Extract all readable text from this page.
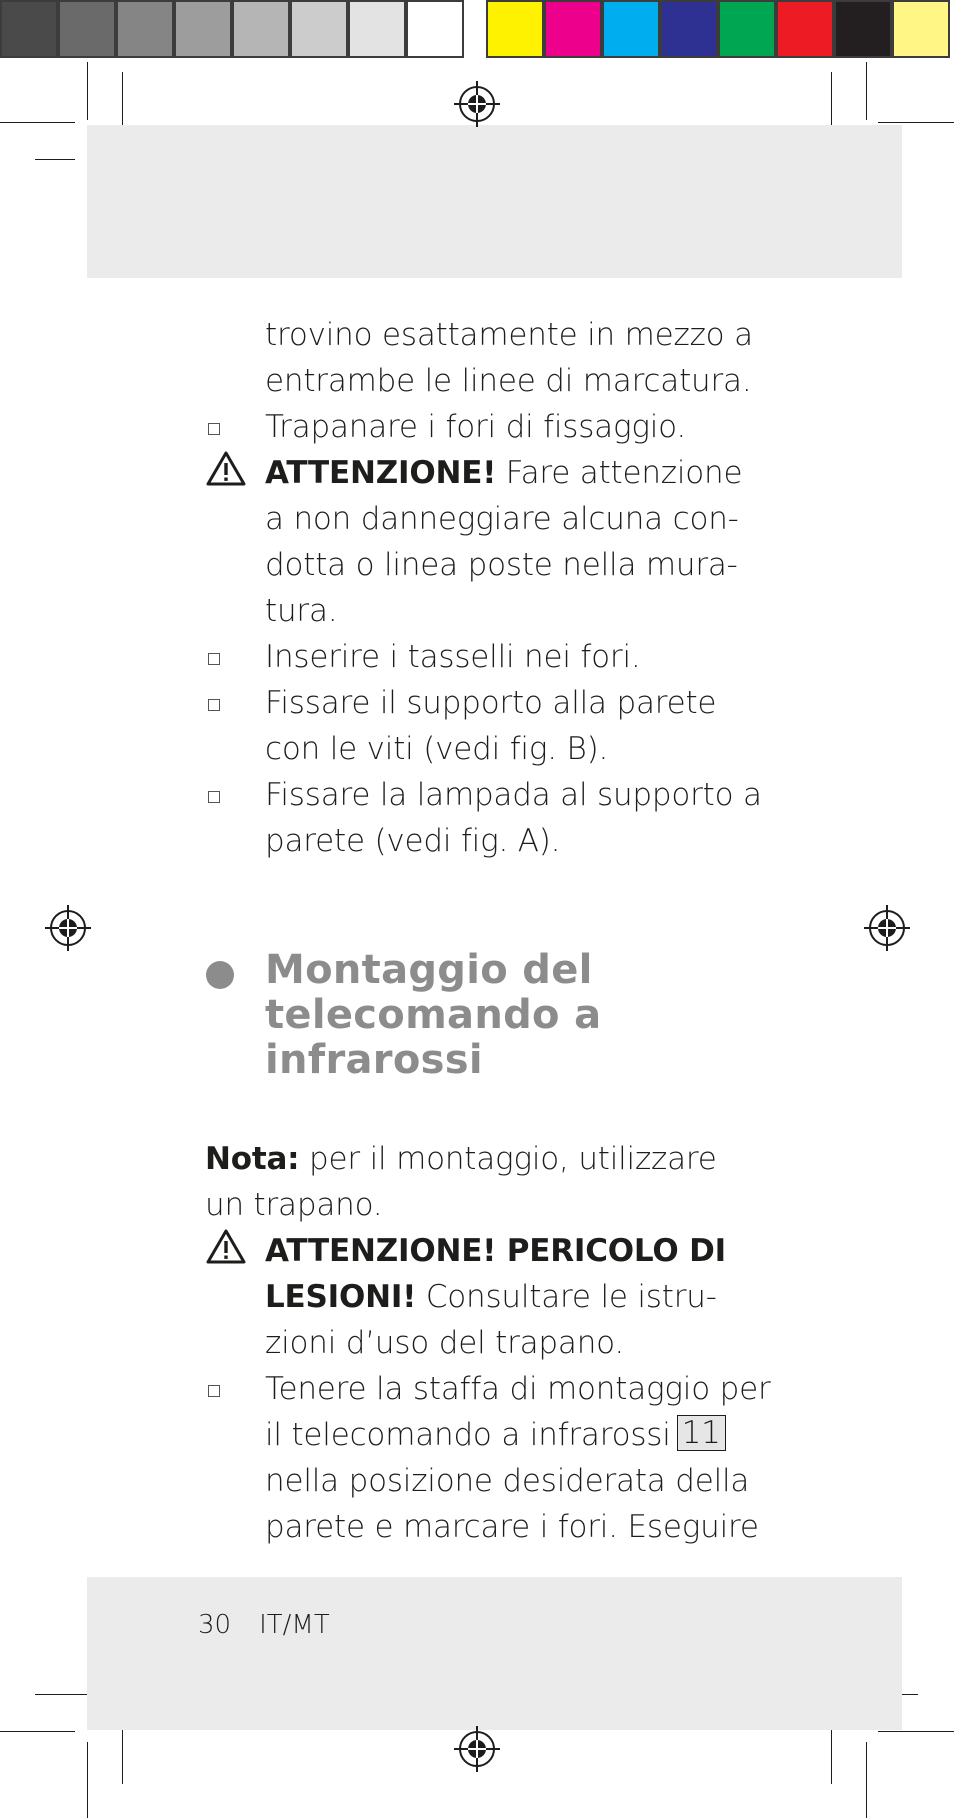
trovino esattamente in mezzo a
entrambe le linee di marcatura.
Trapanare i fori di fissaggio.
ATTENZIONE! Fare attenzione
a non danneggiare alcuna con-
dotta o linea poste nella mura-
tura.
Inserire i tasselli nei fori.
Fissare il supporto alla parete
con le viti (vedi fig. B).
Fissare la lampada al supporto a
parete (vedi fig. A).
Montaggio del
telecomando a
infrarossi
Nota: per il montaggio, utilizzare
un trapano.
ATTENZIONE! PERICOLO DI
LESIONI! Consultare le istru-
zioni d’uso del trapano.
Tenere la staffa di montaggio per
il telecomando a infrarossi 11
nella posizione desiderata della
parete e marcare i fori. Eseguire
30 IT/MT
